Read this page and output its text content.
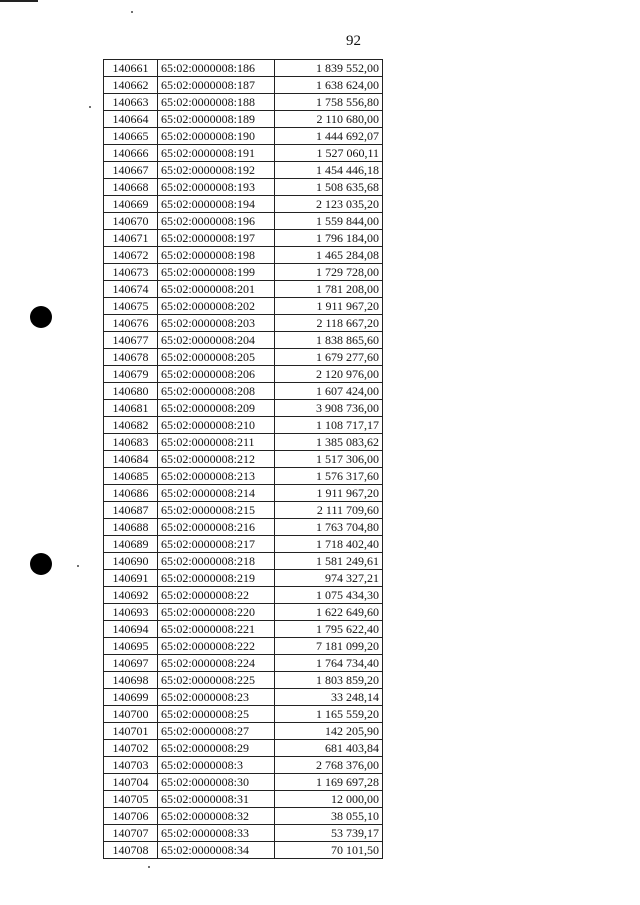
92
140661	65:02:0000008:186	1 839 552,00
140662	65:02:0000008:187	1 638 624,00
140663	65:02:0000008:188	1 758 556,80
140664	65:02:0000008:189	2 110 680,00
140665	65:02:0000008:190	1 444 692,07
140666	65:02:0000008:191	1 527 060,11
140667	65:02:0000008:192	1 454 446,18
140668	65:02:0000008:193	1 508 635,68
140669	65:02:0000008:194	2 123 035,20
140670	65:02:0000008:196	1 559 844,00
140671	65:02:0000008:197	1 796 184,00
140672	65:02:0000008:198	1 465 284,08
140673	65:02:0000008:199	1 729 728,00
140674	65:02:0000008:201	1 781 208,00
140675	65:02:0000008:202	1 911 967,20
140676	65:02:0000008:203	2 118 667,20
140677	65:02:0000008:204	1 838 865,60
140678	65:02:0000008:205	1 679 277,60
140679	65:02:0000008:206	2 120 976,00
140680	65:02:0000008:208	1 607 424,00
140681	65:02:0000008:209	3 908 736,00
140682	65:02:0000008:210	1 108 717,17
140683	65:02:0000008:211	1 385 083,62
140684	65:02:0000008:212	1 517 306,00
140685	65:02:0000008:213	1 576 317,60
140686	65:02:0000008:214	1 911 967,20
140687	65:02:0000008:215	2 111 709,60
140688	65:02:0000008:216	1 763 704,80
140689	65:02:0000008:217	1 718 402,40
140690	65:02:0000008:218	1 581 249,61
140691	65:02:0000008:219	974 327,21
140692	65:02:0000008:22	1 075 434,30
140693	65:02:0000008:220	1 622 649,60
140694	65:02:0000008:221	1 795 622,40
140695	65:02:0000008:222	7 181 099,20
140697	65:02:0000008:224	1 764 734,40
140698	65:02:0000008:225	1 803 859,20
140699	65:02:0000008:23	33 248,14
140700	65:02:0000008:25	1 165 559,20
140701	65:02:0000008:27	142 205,90
140702	65:02:0000008:29	681 403,84
140703	65:02:0000008:3	2 768 376,00
140704	65:02:0000008:30	1 169 697,28
140705	65:02:0000008:31	12 000,00
140706	65:02:0000008:32	38 055,10
140707	65:02:0000008:33	53 739,17
140708	65:02:0000008:34	70 101,50
